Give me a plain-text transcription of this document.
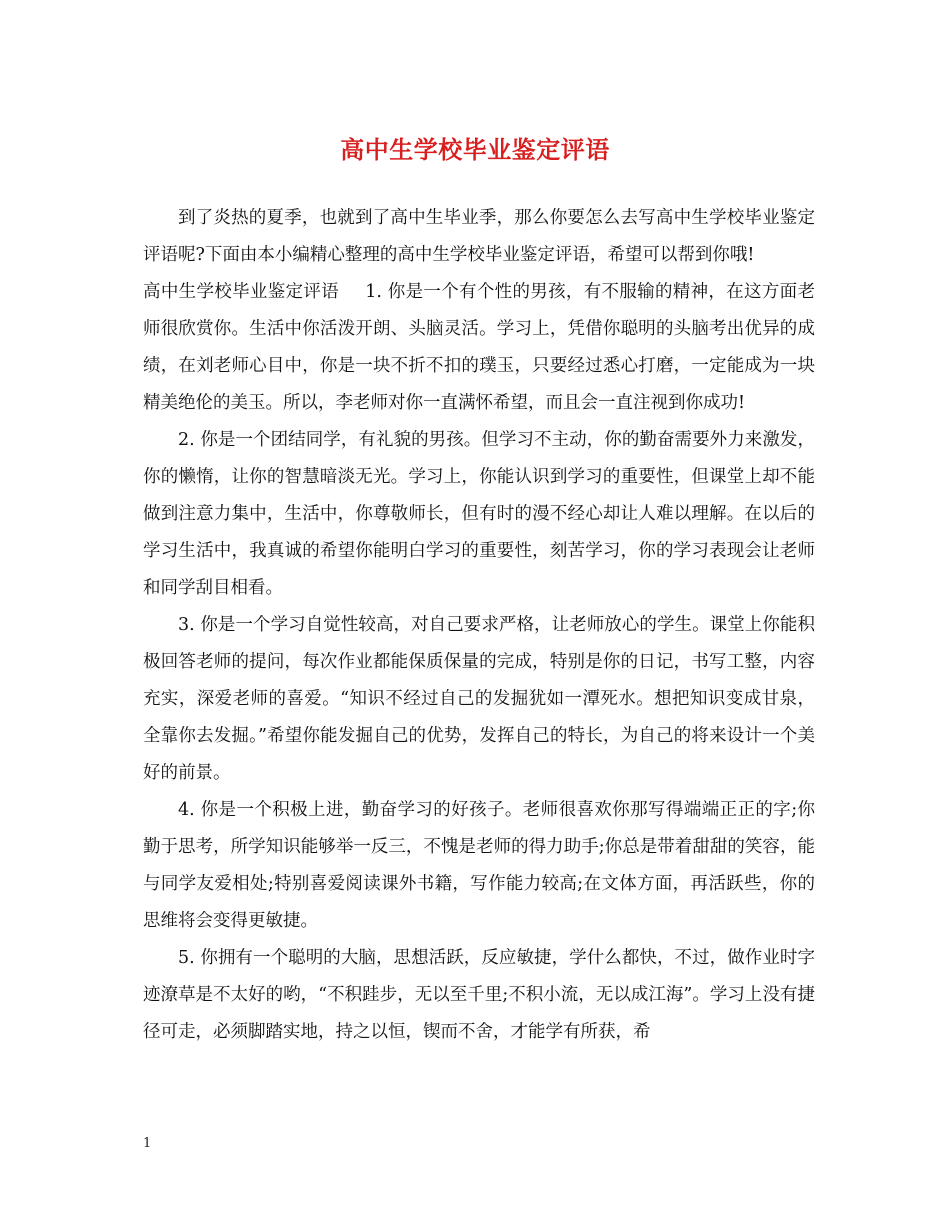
高中生学校毕业鉴定评语

到了炎热的夏季，也就到了高中生毕业季，那么你要怎么去写高中生学校毕业鉴定评语呢?下面由本小编精心整理的高中生学校毕业鉴定评语，希望可以帮到你哦!

高中生学校毕业鉴定评语 1. 你是一个有个性的男孩，有不服输的精神，在这方面老师很欣赏你。生活中你活泼开朗、头脑灵活。学习上，凭借你聪明的头脑考出优异的成绩，在刘老师心目中，你是一块不折不扣的璞玉，只要经过悉心打磨，一定能成为一块精美绝伦的美玉。所以，李老师对你一直满怀希望，而且会一直注视到你成功!

2. 你是一个团结同学，有礼貌的男孩。但学习不主动，你的勤奋需要外力来激发，你的懒惰，让你的智慧暗淡无光。学习上，你能认识到学习的重要性，但课堂上却不能做到注意力集中，生活中，你尊敬师长，但有时的漫不经心却让人难以理解。在以后的学习生活中，我真诚的希望你能明白学习的重要性，刻苦学习，你的学习表现会让老师和同学刮目相看。

3. 你是一个学习自觉性较高，对自己要求严格，让老师放心的学生。课堂上你能积极回答老师的提问，每次作业都能保质保量的完成，特别是你的日记，书写工整，内容充实，深爱老师的喜爱。“知识不经过自己的发掘犹如一潭死水。想把知识变成甘泉，全靠你去发掘。”希望你能发掘自己的优势，发挥自己的特长，为自己的将来设计一个美好的前景。

4. 你是一个积极上进，勤奋学习的好孩子。老师很喜欢你那写得端端正正的字;你勤于思考，所学知识能够举一反三，不愧是老师的得力助手;你总是带着甜甜的笑容，能与同学友爱相处;特别喜爱阅读课外书籍，写作能力较高;在文体方面，再活跃些，你的思维将会变得更敏捷。

5. 你拥有一个聪明的大脑，思想活跃，反应敏捷，学什么都快，不过，做作业时字迹潦草是不太好的哟，“不积跬步，无以至千里;不积小流，无以成江海”。学习上没有捷径可走，必须脚踏实地，持之以恒，锲而不舍，才能学有所获，希

1
